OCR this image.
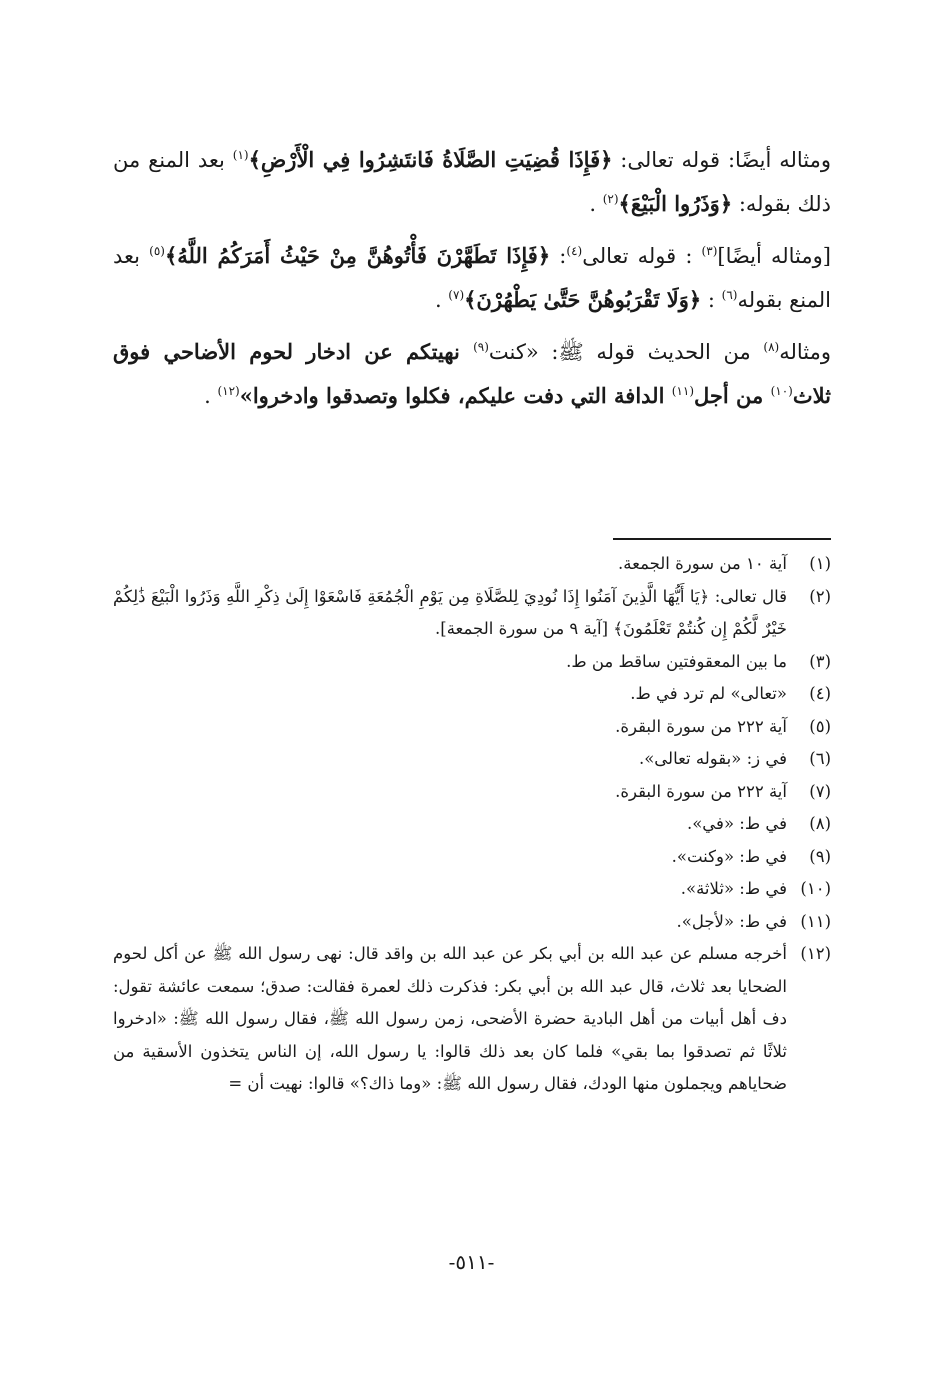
ومثاله أيضًا: قوله تعالى: ﴿فَإِذَا قُضِيَتِ الصَّلَاةُ فَانتَشِرُوا فِي الْأَرْضِ﴾$^{(١)}$ بعد المنع من ذلك بقوله: ﴿وَذَرُوا الْبَيْعَ﴾$^{(٢)}$ .

[ومثاله أيضًا]$^{(٣)}$ : قوله تعالى$^{(٤)}$: ﴿فَإِذَا تَطَهَّرْنَ فَأْتُوهُنَّ مِنْ حَيْثُ أَمَرَكُمُ اللَّهُ﴾$^{(٥)}$ بعد المنع بقوله$^{(٦)}$ : ﴿وَلَا تَقْرَبُوهُنَّ حَتَّىٰ يَطْهُرْنَ﴾$^{(٧)}$ .

ومثاله$^{(٨)}$ من الحديث قوله ﷺ: «كنت$^{(٩)}$ نهيتكم عن ادخار لحوم الأضاحي فوق ثلاث$^{(١٠)}$ من أجل$^{(١١)}$ الدافة التي دفت عليكم، فكلوا وتصدقوا وادخروا»$^{(١٢)}$ .

(١)
آية ١٠ من سورة الجمعة.
(٢)
قال تعالى: ﴿يَا أَيُّهَا الَّذِينَ آمَنُوا إِذَا نُودِيَ لِلصَّلَاةِ مِن يَوْمِ الْجُمُعَةِ فَاسْعَوْا إِلَىٰ ذِكْرِ اللَّهِ وَذَرُوا الْبَيْعَ ذَٰلِكُمْ خَيْرٌ لَّكُمْ إِن كُنتُمْ تَعْلَمُونَ﴾ [آية ٩ من سورة الجمعة].
(٣)
ما بين المعقوفتين ساقط من ط.
(٤)
«تعالى» لم ترد في ط.
(٥)
آية ٢٢٢ من سورة البقرة.
(٦)
في ز: «بقوله تعالى».
(٧)
آية ٢٢٢ من سورة البقرة.
(٨)
في ط: «في».
(٩)
في ط: «وكنت».
(١٠)
في ط: «ثلاثة».
(١١)
في ط: «لأجل».
(١٢)
أخرجه مسلم عن عبد الله بن أبي بكر عن عبد الله بن واقد قال: نهى رسول الله ﷺ عن أكل لحوم الضحايا بعد ثلاث، قال عبد الله بن أبي بكر: فذكرت ذلك لعمرة فقالت: صدق؛ سمعت عائشة تقول: دف أهل أبيات من أهل البادية حضرة الأضحى، زمن رسول الله ﷺ، فقال رسول الله ﷺ: «ادخروا ثلاثًا ثم تصدقوا بما بقي» فلما كان بعد ذلك قالوا: يا رسول الله، إن الناس يتخذون الأسقية من ضحاياهم ويجملون منها الودك، فقال رسول الله ﷺ: «وما ذاك؟» قالوا: نهيت أن =
-٥١١-
